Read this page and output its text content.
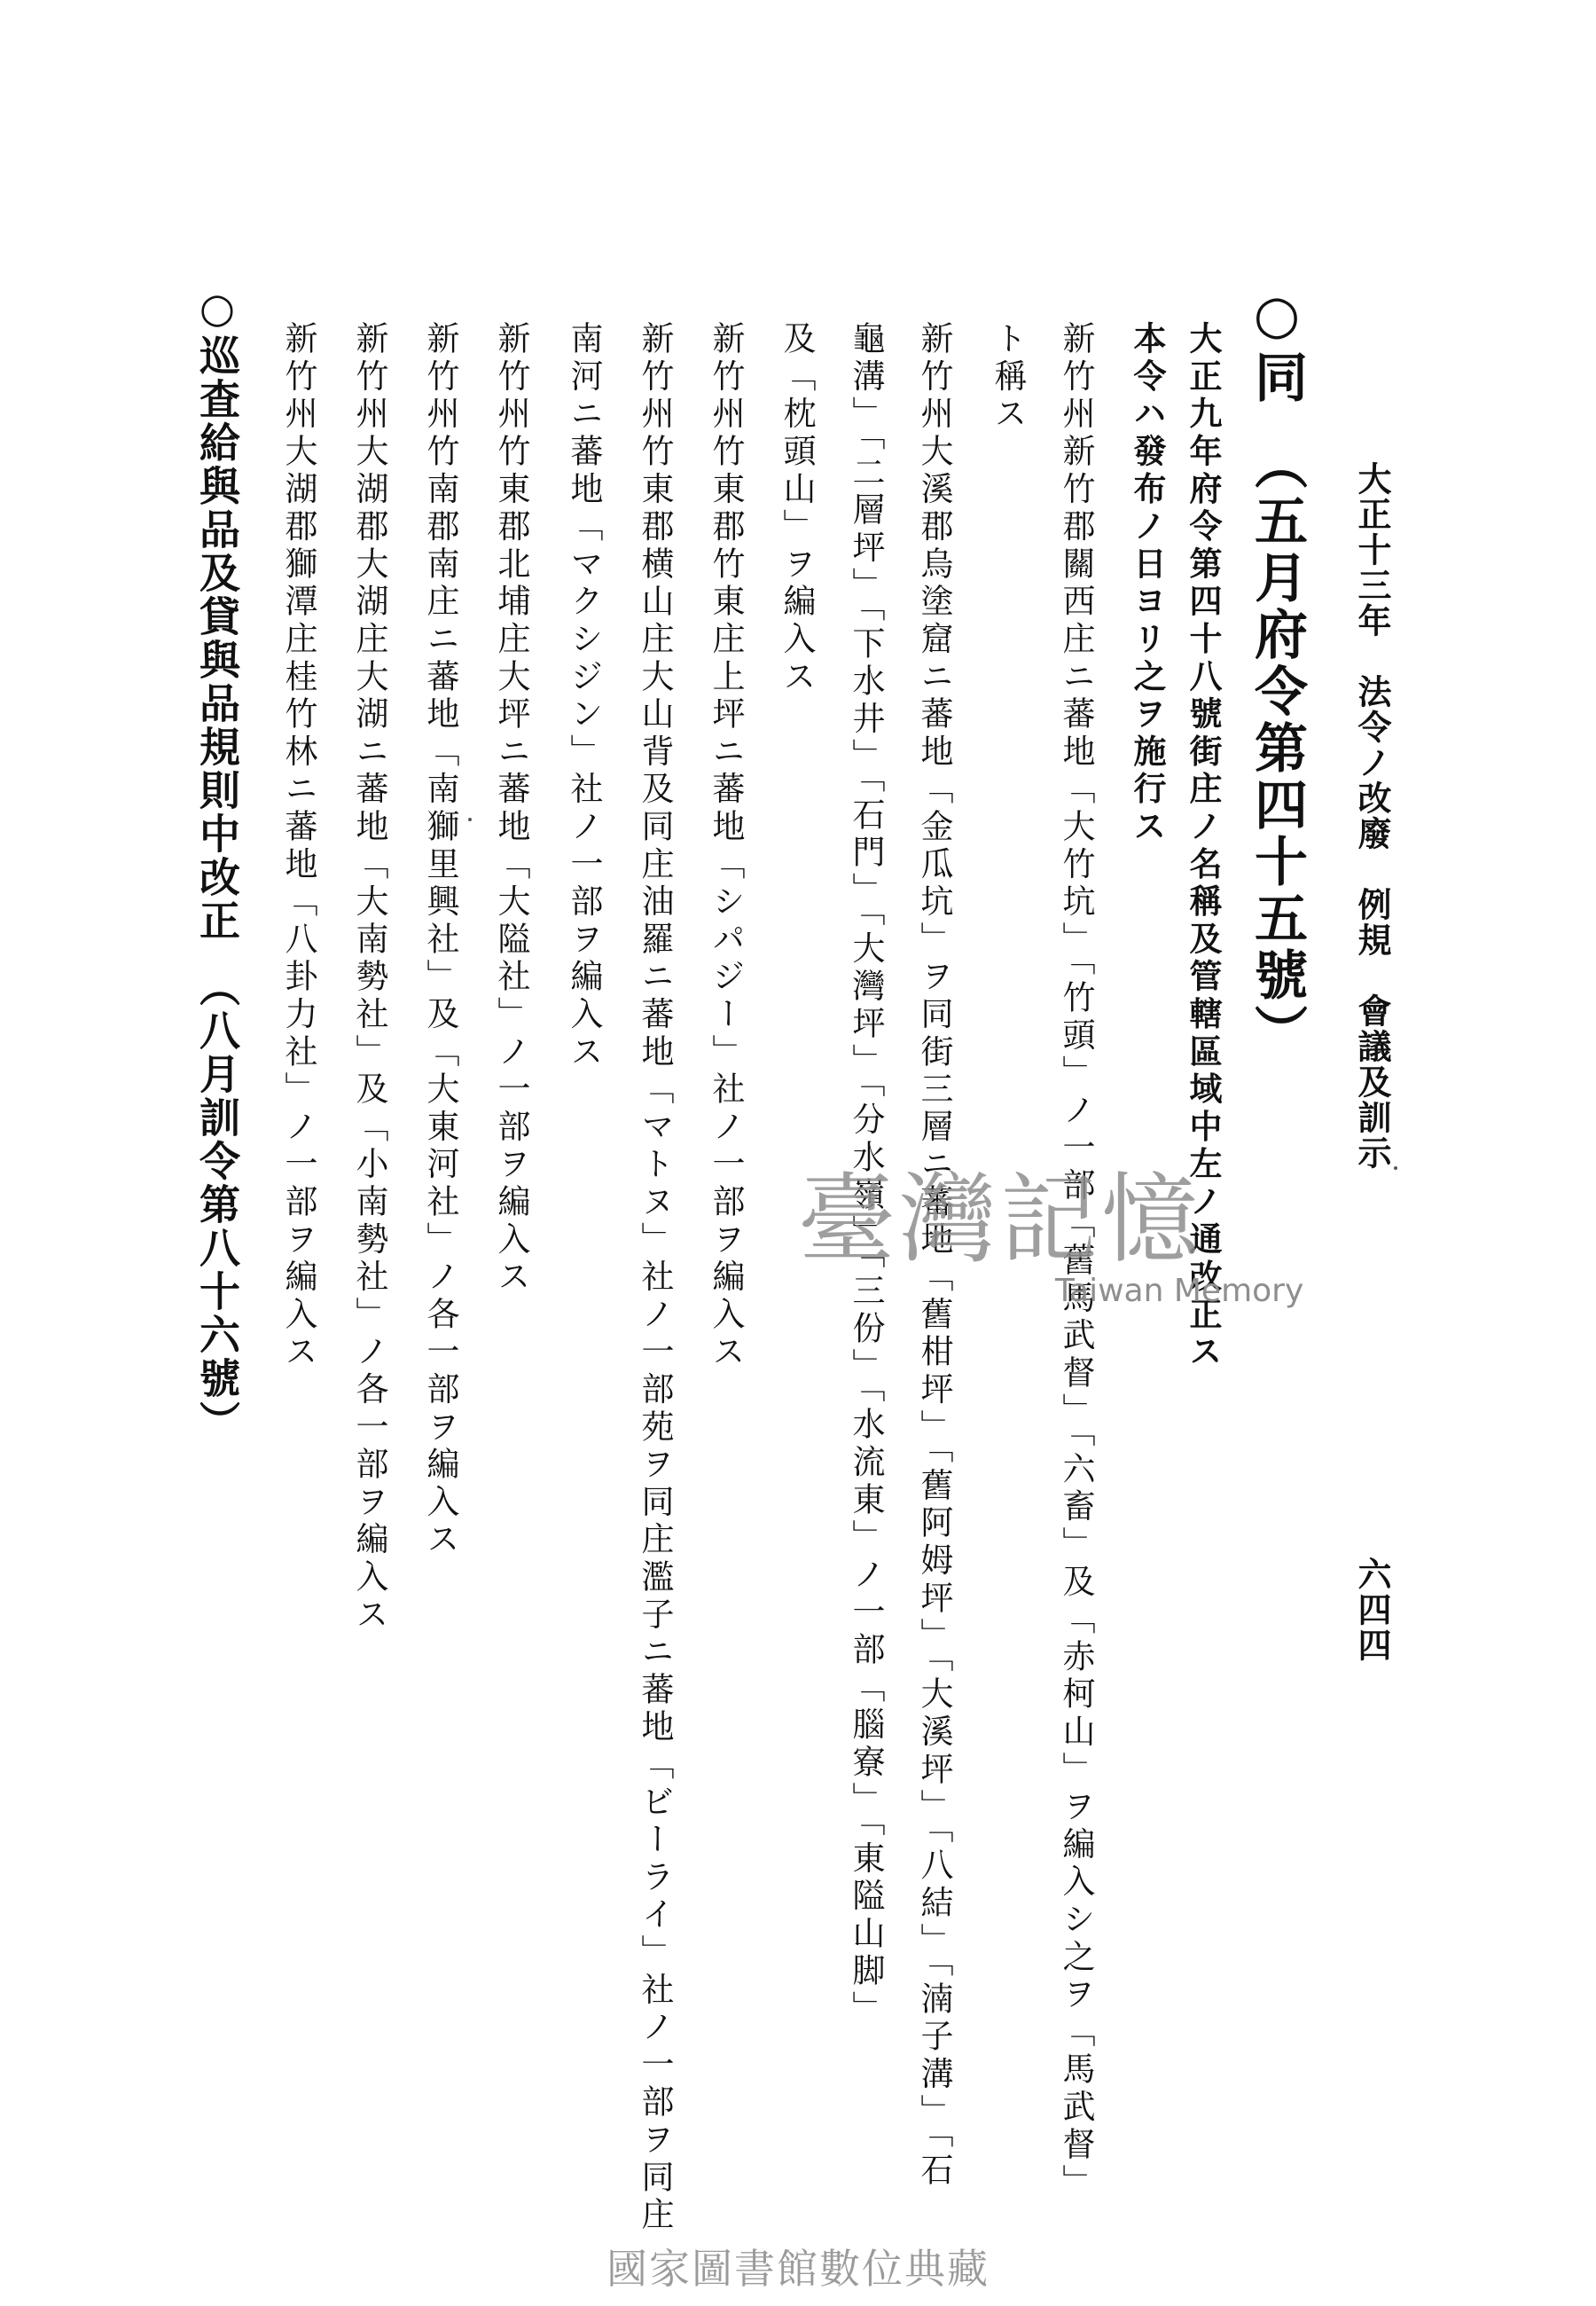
大正十三年　法令ノ改廢　例規　會議及訓示
六四四
○同　（五月府令第四十五號）
大正九年府令第四十八號街庄ノ名稱及管轄區域中左ノ通改正ス
本令ハ發布ノ日ヨリ之ヲ施行ス
新竹州新竹郡關西庄ニ蕃地「大竹坑」「竹頭」ノ一部「舊馬武督」「六畜」及「赤柯山」ヲ編入シ之ヲ「馬武督」
ト稱ス
新竹州大溪郡烏塗窟ニ蕃地「金瓜坑」ヲ同街三層ニ蕃地「舊柑坪」「舊阿姆坪」「大溪坪」「八結」「湳子溝」「石
龜溝」「二層坪」「下水井」「石門」「大灣坪」「分水嶺」「三份」「水流東」ノ一部「腦寮」「東隘山脚」
及「枕頭山」ヲ編入ス
新竹州竹東郡竹東庄上坪ニ蕃地「シパジー」社ノ一部ヲ編入ス
新竹州竹東郡横山庄大山背及同庄油羅ニ蕃地「マトヌ」社ノ一部苑ヲ同庄濫子ニ蕃地「ビーライ」社ノ一部ヲ同庄
南河ニ蕃地「マクシジン」社ノ一部ヲ編入ス
新竹州竹東郡北埔庄大坪ニ蕃地「大隘社」ノ一部ヲ編入ス
新竹州竹南郡南庄ニ蕃地「南獅里興社」及「大東河社」ノ各一部ヲ編入ス
新竹州大湖郡大湖庄大湖ニ蕃地「大南勢社」及「小南勢社」ノ各一部ヲ編入ス
新竹州大湖郡獅潭庄桂竹林ニ蕃地「八卦力社」ノ一部ヲ編入ス
○巡査給與品及貸與品規則中改正　（八月訓令第八十六號）	臺灣記憶
Taiwan Memory
國家圖書館數位典藏
